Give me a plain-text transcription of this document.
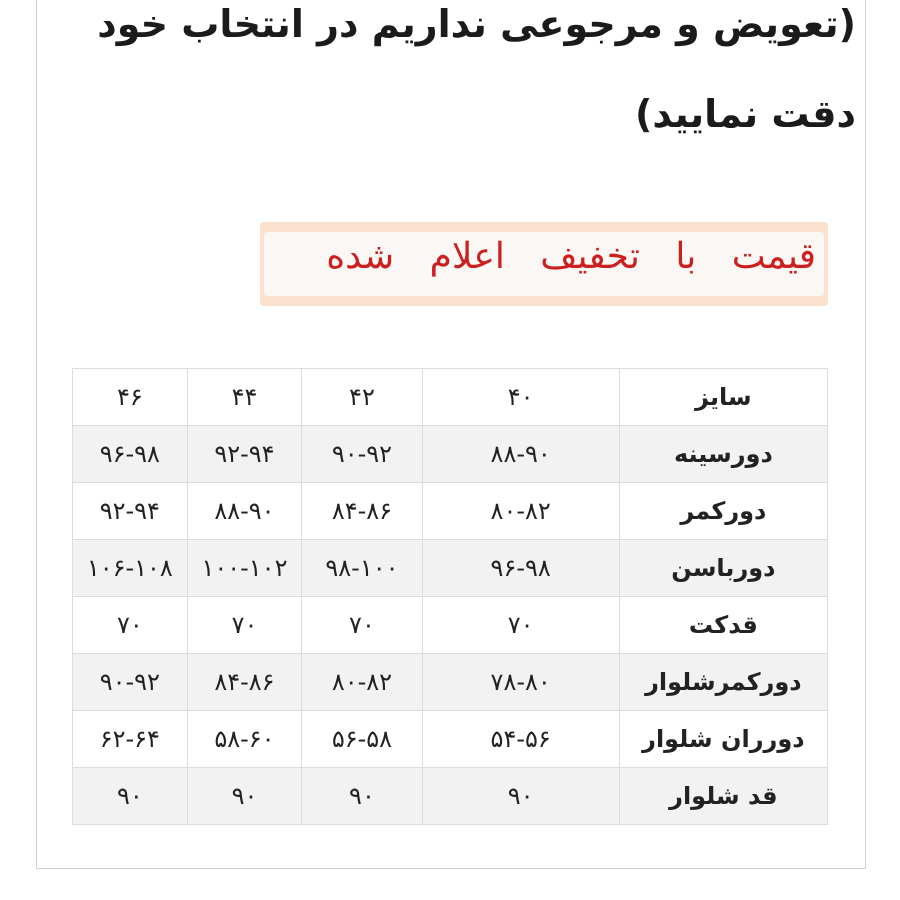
(تعویض و مرجوعی نداریم در انتخاب خود

دقت نمایید)

قیمت با تخفیف اعلام شده

سایز	۴۰	۴۲	۴۴	۴۶
دورسینه	۸۸-۹۰	۹۰-۹۲	۹۲-۹۴	۹۶-۹۸
دورکمر	۸۰-۸۲	۸۴-۸۶	۸۸-۹۰	۹۲-۹۴
دورباسن	۹۶-۹۸	۹۸-۱۰۰	۱۰۰-۱۰۲	۱۰۶-۱۰۸
قدکت	۷۰	۷۰	۷۰	۷۰
دورکمرشلوار	۷۸-۸۰	۸۰-۸۲	۸۴-۸۶	۹۰-۹۲
دورران شلوار	۵۴-۵۶	۵۶-۵۸	۵۸-۶۰	۶۲-۶۴
قد شلوار	۹۰	۹۰	۹۰	۹۰
